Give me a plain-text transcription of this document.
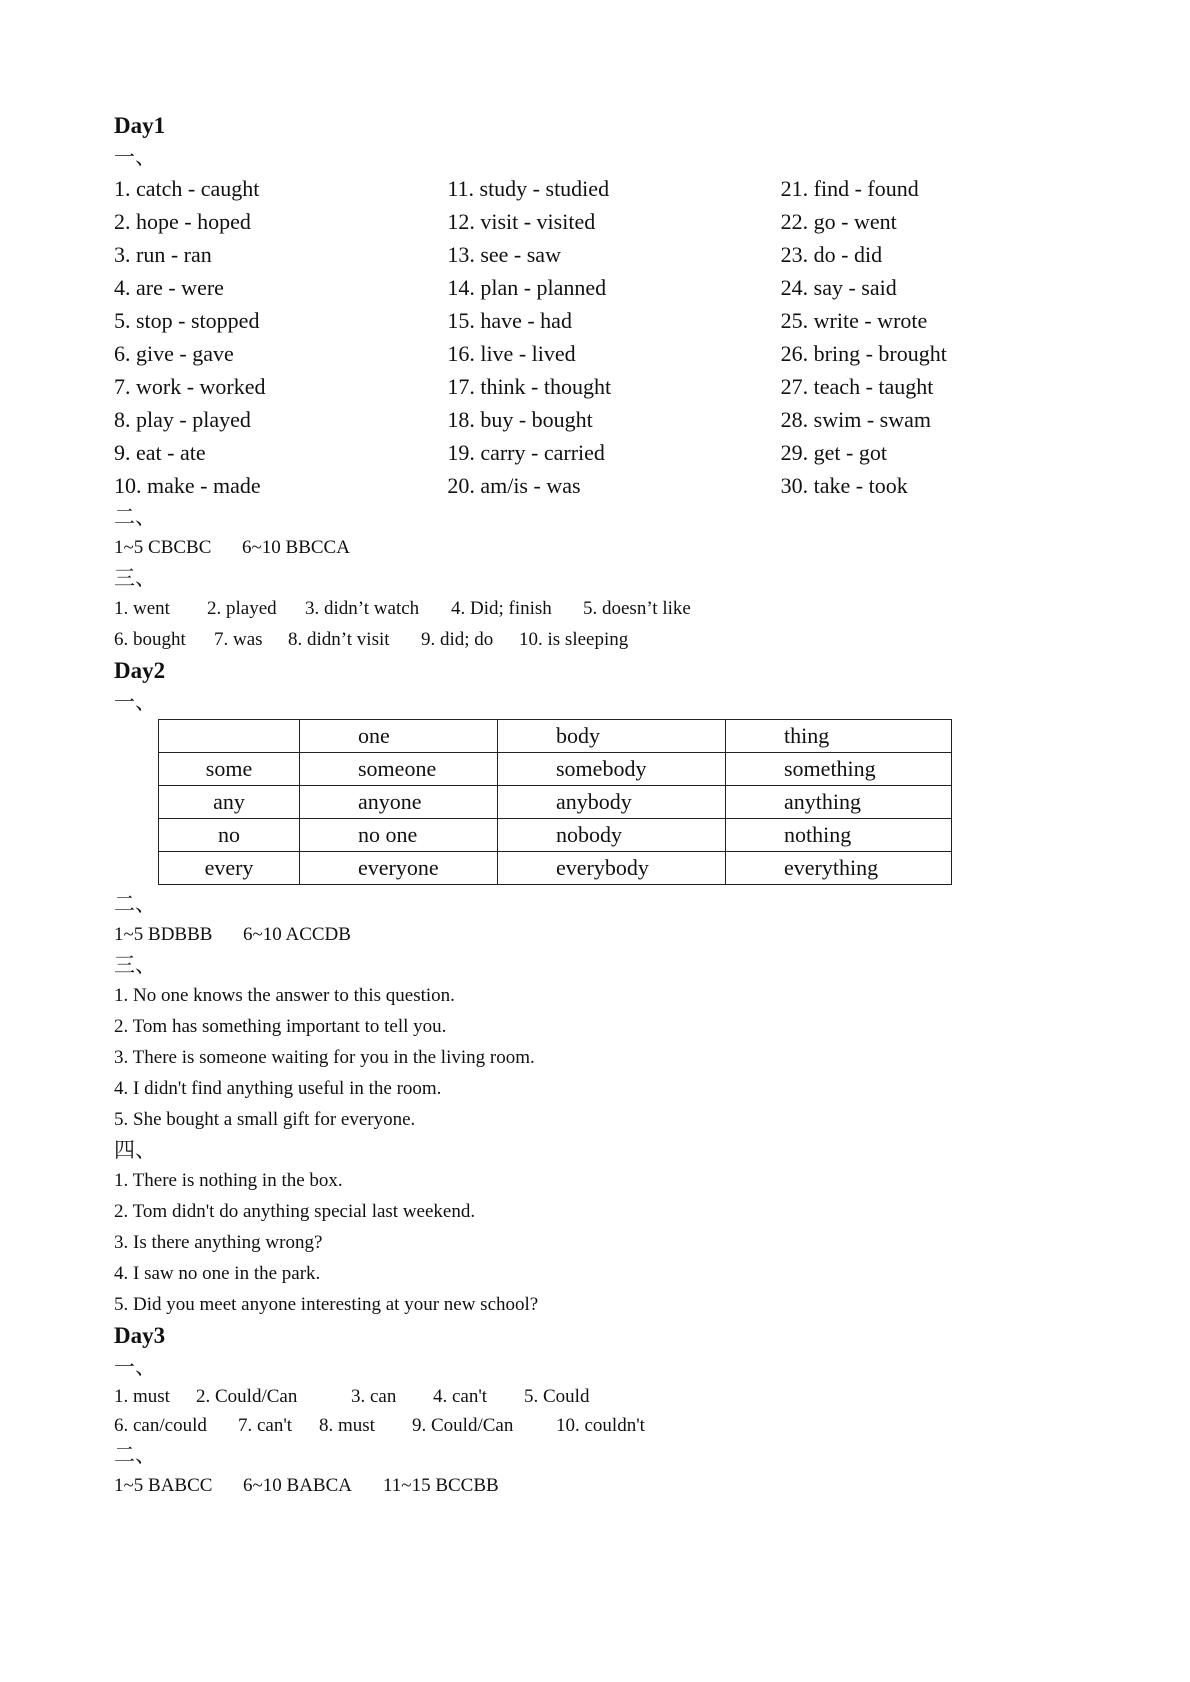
Day1
一、
1. catch - caught
2. hope - hoped
3. run - ran
4. are - were
5. stop - stopped
6. give - gave
7. work - worked
8. play - played
9. eat - ate
10. make - made
11. study - studied
12. visit - visited
13. see - saw
14. plan - planned
15. have - had
16. live - lived
17. think - thought
18. buy - bought
19. carry - carried
20. am/is - was
21. find - found
22. go - went
23. do - did
24. say - said
25. write - wrote
26. bring - brought
27. teach - taught
28. swim - swam
29. get - got
30. take - took
二、
1~5 CBCBC 6~10 BBCCA
三、
1. went 2. played 3. didn’t watch 4. Did; finish 5. doesn’t like
6. bought 7. was 8. didn’t visit 9. did; do 10. is sleeping
Day2
一、
	one	body	thing
some	someone	somebody	something
any	anyone	anybody	anything
no	no one	nobody	nothing
every	everyone	everybody	everything
二、
1~5 BDBBB 6~10 ACCDB
三、
1. No one knows the answer to this question.
2. Tom has something important to tell you.
3. There is someone waiting for you in the living room.
4. I didn't find anything useful in the room.
5. She bought a small gift for everyone.
四、
1. There is nothing in the box.
2. Tom didn't do anything special last weekend.
3. Is there anything wrong?
4. I saw no one in the park.
5. Did you meet anyone interesting at your new school?
Day3
一、
1. must 2. Could/Can	3. can 4. can't 5. Could
6. can/could 7. can't 8. must 9. Could/Can 10. couldn't
二、
1~5 BABCC 6~10 BABCA 11~15 BCCBB
